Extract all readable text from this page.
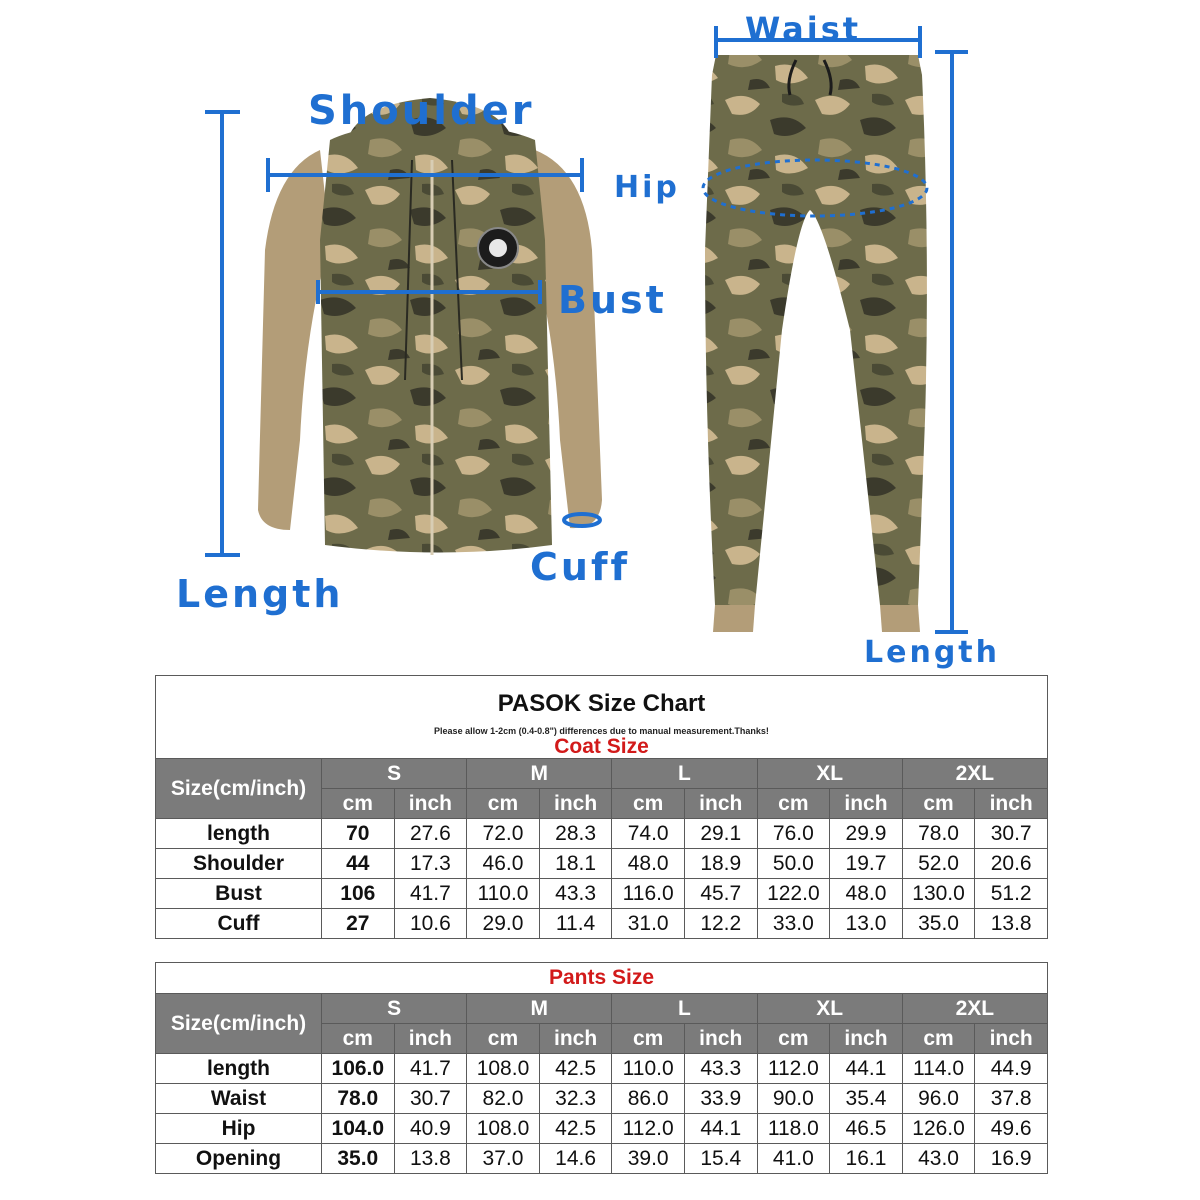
Shoulder
Bust
Cuff
Length
Waist
Hip
Length
PASOK Size Chart
Please allow 1-2cm (0.4-0.8") differences due to manual measurement.Thanks!
Coat Size
Size(cm/inch)	S		M		L		XL		2XL	
	cm	inch	cm	inch	cm	inch	cm	inch	cm	inch
length	70	27.6	72.0	28.3	74.0	29.1	76.0	29.9	78.0	30.7
Shoulder	44	17.3	46.0	18.1	48.0	18.9	50.0	19.7	52.0	20.6
Bust	106	41.7	110.0	43.3	116.0	45.7	122.0	48.0	130.0	51.2
Cuff	27	10.6	29.0	11.4	31.0	12.2	33.0	13.0	35.0	13.8
Pants Size
Size(cm/inch)	S		M		L		XL		2XL	
	cm	inch	cm	inch	cm	inch	cm	inch	cm	inch
length	106.0	41.7	108.0	42.5	110.0	43.3	112.0	44.1	114.0	44.9
Waist	78.0	30.7	82.0	32.3	86.0	33.9	90.0	35.4	96.0	37.8
Hip	104.0	40.9	108.0	42.5	112.0	44.1	118.0	46.5	126.0	49.6
Opening	35.0	13.8	37.0	14.6	39.0	15.4	41.0	16.1	43.0	16.9
